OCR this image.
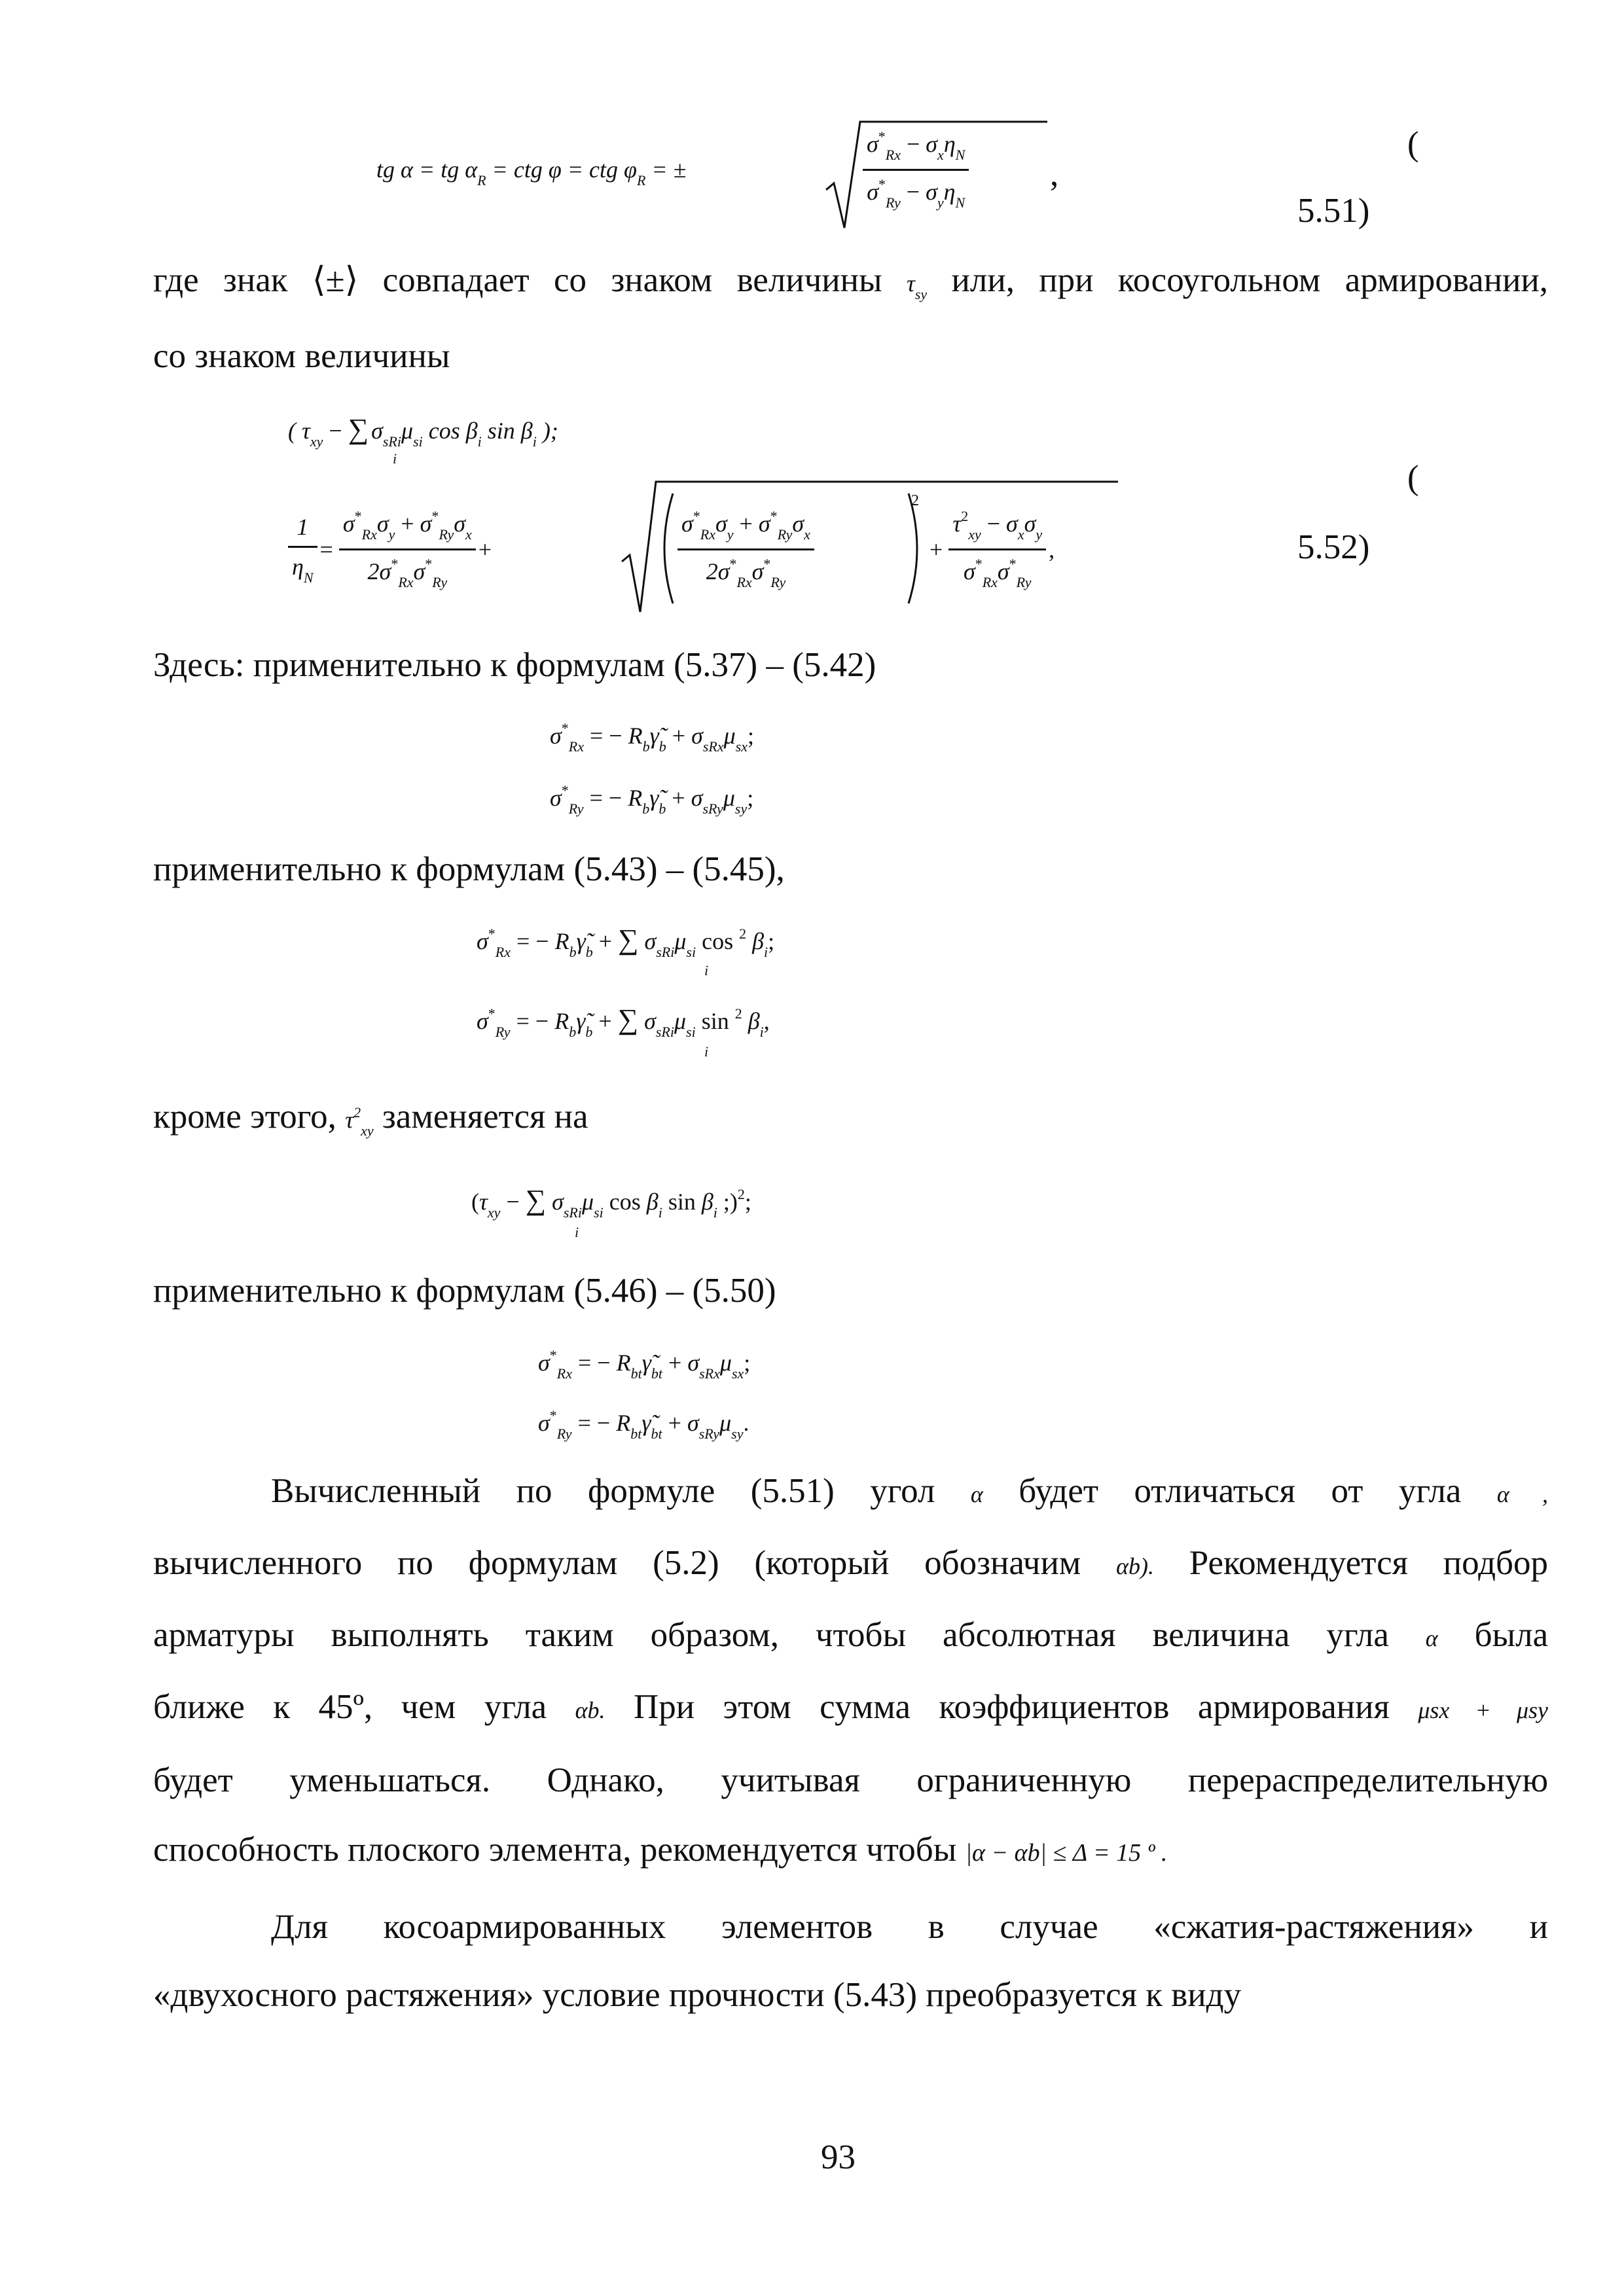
tg α = tg $\alpha_R$ = ctg φ = ctg $\varphi_R$ = ±	$\frac{\sigma^*_{Rx} - \sigma_x\eta_N}{\sigma^*_{Ry} - \sigma_y\eta_N}$ ,
(
5.51)
где знак ⟨±⟩ совпадает со знаком величины $\tau_{sy}$ или, при косоугольном армировании,
со знаком величины
( τxy − ∑ σsRiμsi cos βi sin βi );
i
$\frac{1}{\eta_N} = \frac{\sigma^*_{Rx}\sigma_y + \sigma^*_{Ry}\sigma_x}{2\sigma^*_{Rx}\sigma^*_{Ry}}$ +	$\frac{\sigma^*_{Rx}\sigma_y + \sigma^*_{Ry}\sigma_x}{2\sigma^*_{Rx}\sigma^*_{Ry}}$
2
+ $\frac{\tau^2_{xy} - \sigma_x\sigma_y}{\sigma^*_{Rx}\sigma^*_{Ry}}$ ,
(
5.52)
Здесь: применительно к формулам (5.37) – (5.42)
σ*Rx = − Rbγ̃b + σsRxμsx;
σ*Ry = − Rbγ̃b + σsRyμsy;
применительно к формулам (5.43) – (5.45),
σ*Rx = − Rbγ̃b + ∑ σsRiμsi cos 2 βi;
i
σ*Ry = − Rbγ̃b + ∑ σsRiμsi sin 2 βi,
i
кроме этого, $\tau^2_{xy}$ заменяется на
(τxy − ∑ σsRiμsi cos βi sin βi ;)2;
i
применительно к формулам (5.46) – (5.50)
σ*Rx = − Rbtγ̃bt + σsRxμsx;
σ*Ry = − Rbtγ̃bt + σsRyμsy.
Вычисленный по формуле (5.51) угол α будет отличаться от угла α ,
вычисленного по формулам (5.2) (который обозначим αb). Рекомендуется подбор
арматуры выполнять таким образом, чтобы абсолютная величина угла α была
ближе к 45º, чем угла αb. При этом сумма коэффициентов армирования μsx + μsy
будет уменьшаться. Однако, учитывая ограниченную перераспределительную
способность плоского элемента, рекомендуется чтобы |α − αb| ≤ Δ = 15 º .
Для косоармированных элементов в случае «сжатия-растяжения» и
«двухосного растяжения» условие прочности (5.43) преобразуется к виду
93
